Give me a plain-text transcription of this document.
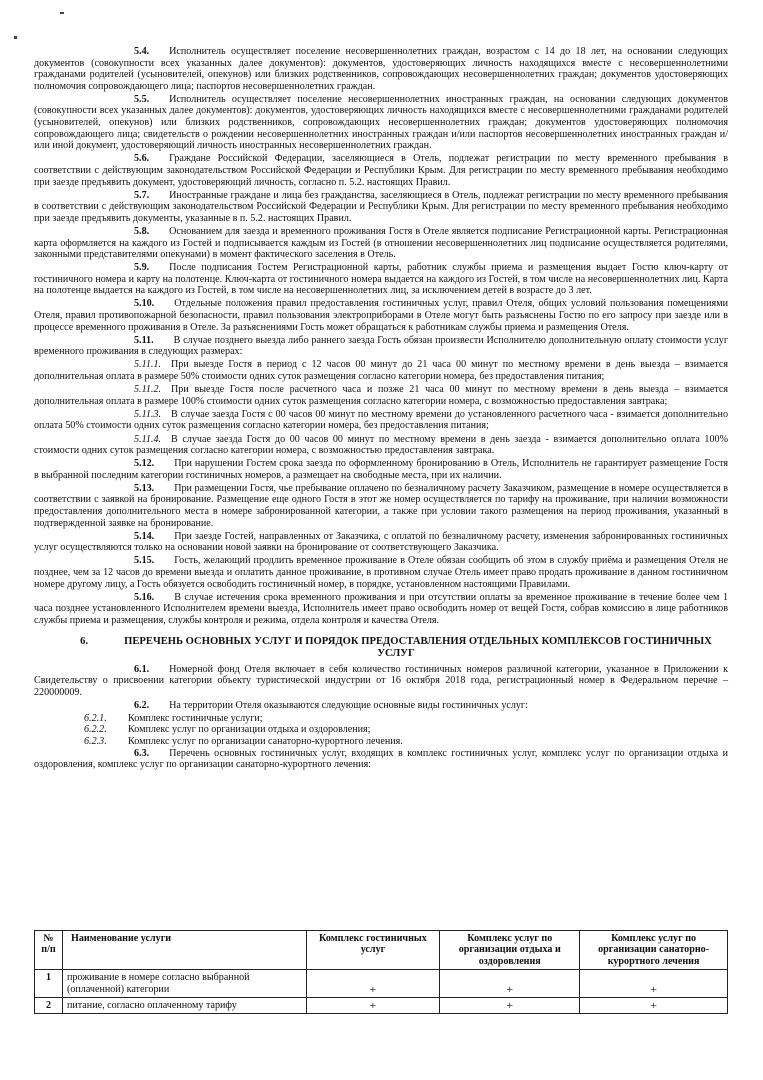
5.4. Исполнитель осуществляет поселение несовершеннолетних граждан, возрастом с 14 до 18 лет, на основании следующих документов (совокупности всех указанных далее документов): документов, удостоверяющих личность находящихся вместе с несовершеннолетними гражданами родителей (усыновителей, опекунов) или близких родственников, сопровождающих несовершеннолетних граждан; документов удостоверяющих полномочия сопровождающего лица; паспортов несовершеннолетних граждан.

5.5. Исполнитель осуществляет поселение несовершеннолетних иностранных граждан, на основании следующих документов (совокупности всех указанных далее документов): документов, удостоверяющих личность находящихся вместе с несовершеннолетними гражданами родителей (усыновителей, опекунов) или близких родственников, сопровождающих несовершеннолетних граждан; документов удостоверяющих полномочия сопровождающего лица; свидетельств о рождении несовершеннолетних иностранных граждан и/или паспортов несовершеннолетних иностранных граждан и/или иной документ, удостоверяющий личность иностранных несовершеннолетних граждан.

5.6. Граждане Российской Федерации, заселяющиеся в Отель, подлежат регистрации по месту временного пребывания в соответствии с действующим законодательством Российской Федерации и Республики Крым. Для регистрации по месту временного пребывания необходимо при заезде предъявить документ, удостоверяющий личность, согласно п. 5.2. настоящих Правил.

5.7. Иностранные граждане и лица без гражданства, заселяющиеся в Отель, подлежат регистрации по месту временного пребывания в соответствии с действующим законодательством Российской Федерации и Республики Крым. Для регистрации по месту временного пребывания необходимо при заезде предъявить документы, указанные в п. 5.2. настоящих Правил.

5.8. Основанием для заезда и временного проживания Гостя в Отеле является подписание Регистрационной карты. Регистрационная карта оформляется на каждого из Гостей и подписывается каждым из Гостей (в отношении несовершеннолетних лиц подписание осуществляется родителями, законными представителями опекунами) в момент фактического заселения в Отель.

5.9. После подписания Гостем Регистрационной карты, работник службы приема и размещения выдает Гостю ключ-карту от гостиничного номера и карту на полотенце. Ключ-карта от гостиничного номера выдается на каждого из Гостей, в том числе на несовершеннолетних лиц. Карта на полотенце выдается на каждого из Гостей, в том числе на несовершеннолетних лиц, за исключением детей в возрасте до 3 лет.

5.10. Отдельные положения правил предоставления гостиничных услуг, правил Отеля, общих условий пользования помещениями Отеля, правил противопожарной безопасности, правил пользования электроприборами в Отеле могут быть разъяснены Гостю по его запросу при заезде или в процессе временного проживания в Отеле. За разъяснениями Гость может обращаться к работникам службы приема и размещения Отеля.

5.11. В случае позднего выезда либо раннего заезда Гость обязан произвести Исполнителю дополнительную оплату стоимости услуг временного проживания в следующих размерах:

5.11.1. При выезде Гостя в период с 12 часов 00 минут до 21 часа 00 минут по местному времени в день выезда – взимается дополнительная оплата в размере 50% стоимости одних суток размещения согласно категории номера, без предоставления питания;

5.11.2. При выезде Гостя после расчетного часа и позже 21 часа 00 минут по местному времени в день выезда – взимается дополнительная оплата в размере 100% стоимости одних суток размещения согласно категории номера, с возможностью предоставления завтрака;

5.11.3. В случае заезда Гостя с 00 часов 00 минут по местному времени до установленного расчетного часа - взимается дополнительно оплата 50% стоимости одних суток размещения согласно категории номера, без предоставления питания;

5.11.4. В случае заезда Гостя до 00 часов 00 минут по местному времени в день заезда - взимается дополнительно оплата 100% стоимости одних суток размещения согласно категории номера, с возможностью предоставления завтрака.

5.12. При нарушении Гостем срока заезда по оформленному бронированию в Отель, Исполнитель не гарантирует размещение Гостя в выбранной последним категории гостиничных номеров, а размещает на свободные места, при их наличии.

5.13. При размещении Гостя, чье пребывание оплачено по безналичному расчету Заказчиком, размещение в номере осуществляется в соответствии с заявкой на бронирование. Размещение еще одного Гостя в этот же номер осуществляется по тарифу на проживание, при наличии возможности предоставления дополнительного места в номере забронированной категории, а также при условии такого размещения на период проживания, указанный в подтвержденной заявке на бронирование.

5.14. При заезде Гостей, направленных от Заказчика, с оплатой по безналичному расчету, изменения забронированных гостиничных услуг осуществляются только на основании новой заявки на бронирование от соответствующего Заказчика.

5.15. Гость, желающий продлить временное проживание в Отеле обязан сообщить об этом в службу приёма и размещения Отеля не позднее, чем за 12 часов до времени выезда и оплатить данное проживание, в противном случае Отель имеет право продать проживание в данном гостиничном номере другому лицу, а Гость обязуется освободить гостиничный номер, в порядке, установленном настоящими Правилами.

5.16. В случае истечения срока временного проживания и при отсутствии оплаты за временное проживание в течение более чем 1 часа позднее установленного Исполнителем времени выезда, Исполнитель имеет право освободить номер от вещей Гостя, собрав комиссию в лице работников службы приема и размещения, службы контроля и режима, отдела контроля и качества Отеля.

6.	ПЕРЕЧЕНЬ ОСНОВНЫХ УСЛУГ И ПОРЯДОК ПРЕДОСТАВЛЕНИЯ ОТДЕЛЬНЫХ КОМПЛЕКСОВ ГОСТИНИЧНЫХ УСЛУГ

6.1. Номерной фонд Отеля включает в себя количество гостиничных номеров различной категории, указанное в Приложении к Свидетельству о присвоении категории объекту туристической индустрии от 16 октября 2018 года, регистрационный номер в Федеральном перечне – 220000009.

6.2. На территории Отеля оказываются следующие основные виды гостиничных услуг:

6.2.1. Комплекс гостиничные услуги;

6.2.2. Комплекс услуг по организации отдыха и оздоровления;

6.2.3. Комплекс услуг по организации санаторно-курортного лечения.

6.3. Перечень основных гостиничных услуг, входящих в комплекс гостиничных услуг, комплекс услуг по организации отдыха и оздоровления, комплекс услуг по организации санаторно-курортного лечения:

№ п/п	Наименование услуги	Комплекс гостиничных услуг	Комплекс услуг по организации отдыха и оздоровления	Комплекс услуг по организации санаторно-курортного лечения
1	проживание в номере согласно выбранной (оплаченной) категории	+	+	+
2	питание, согласно оплаченному тарифу	+	+	+
